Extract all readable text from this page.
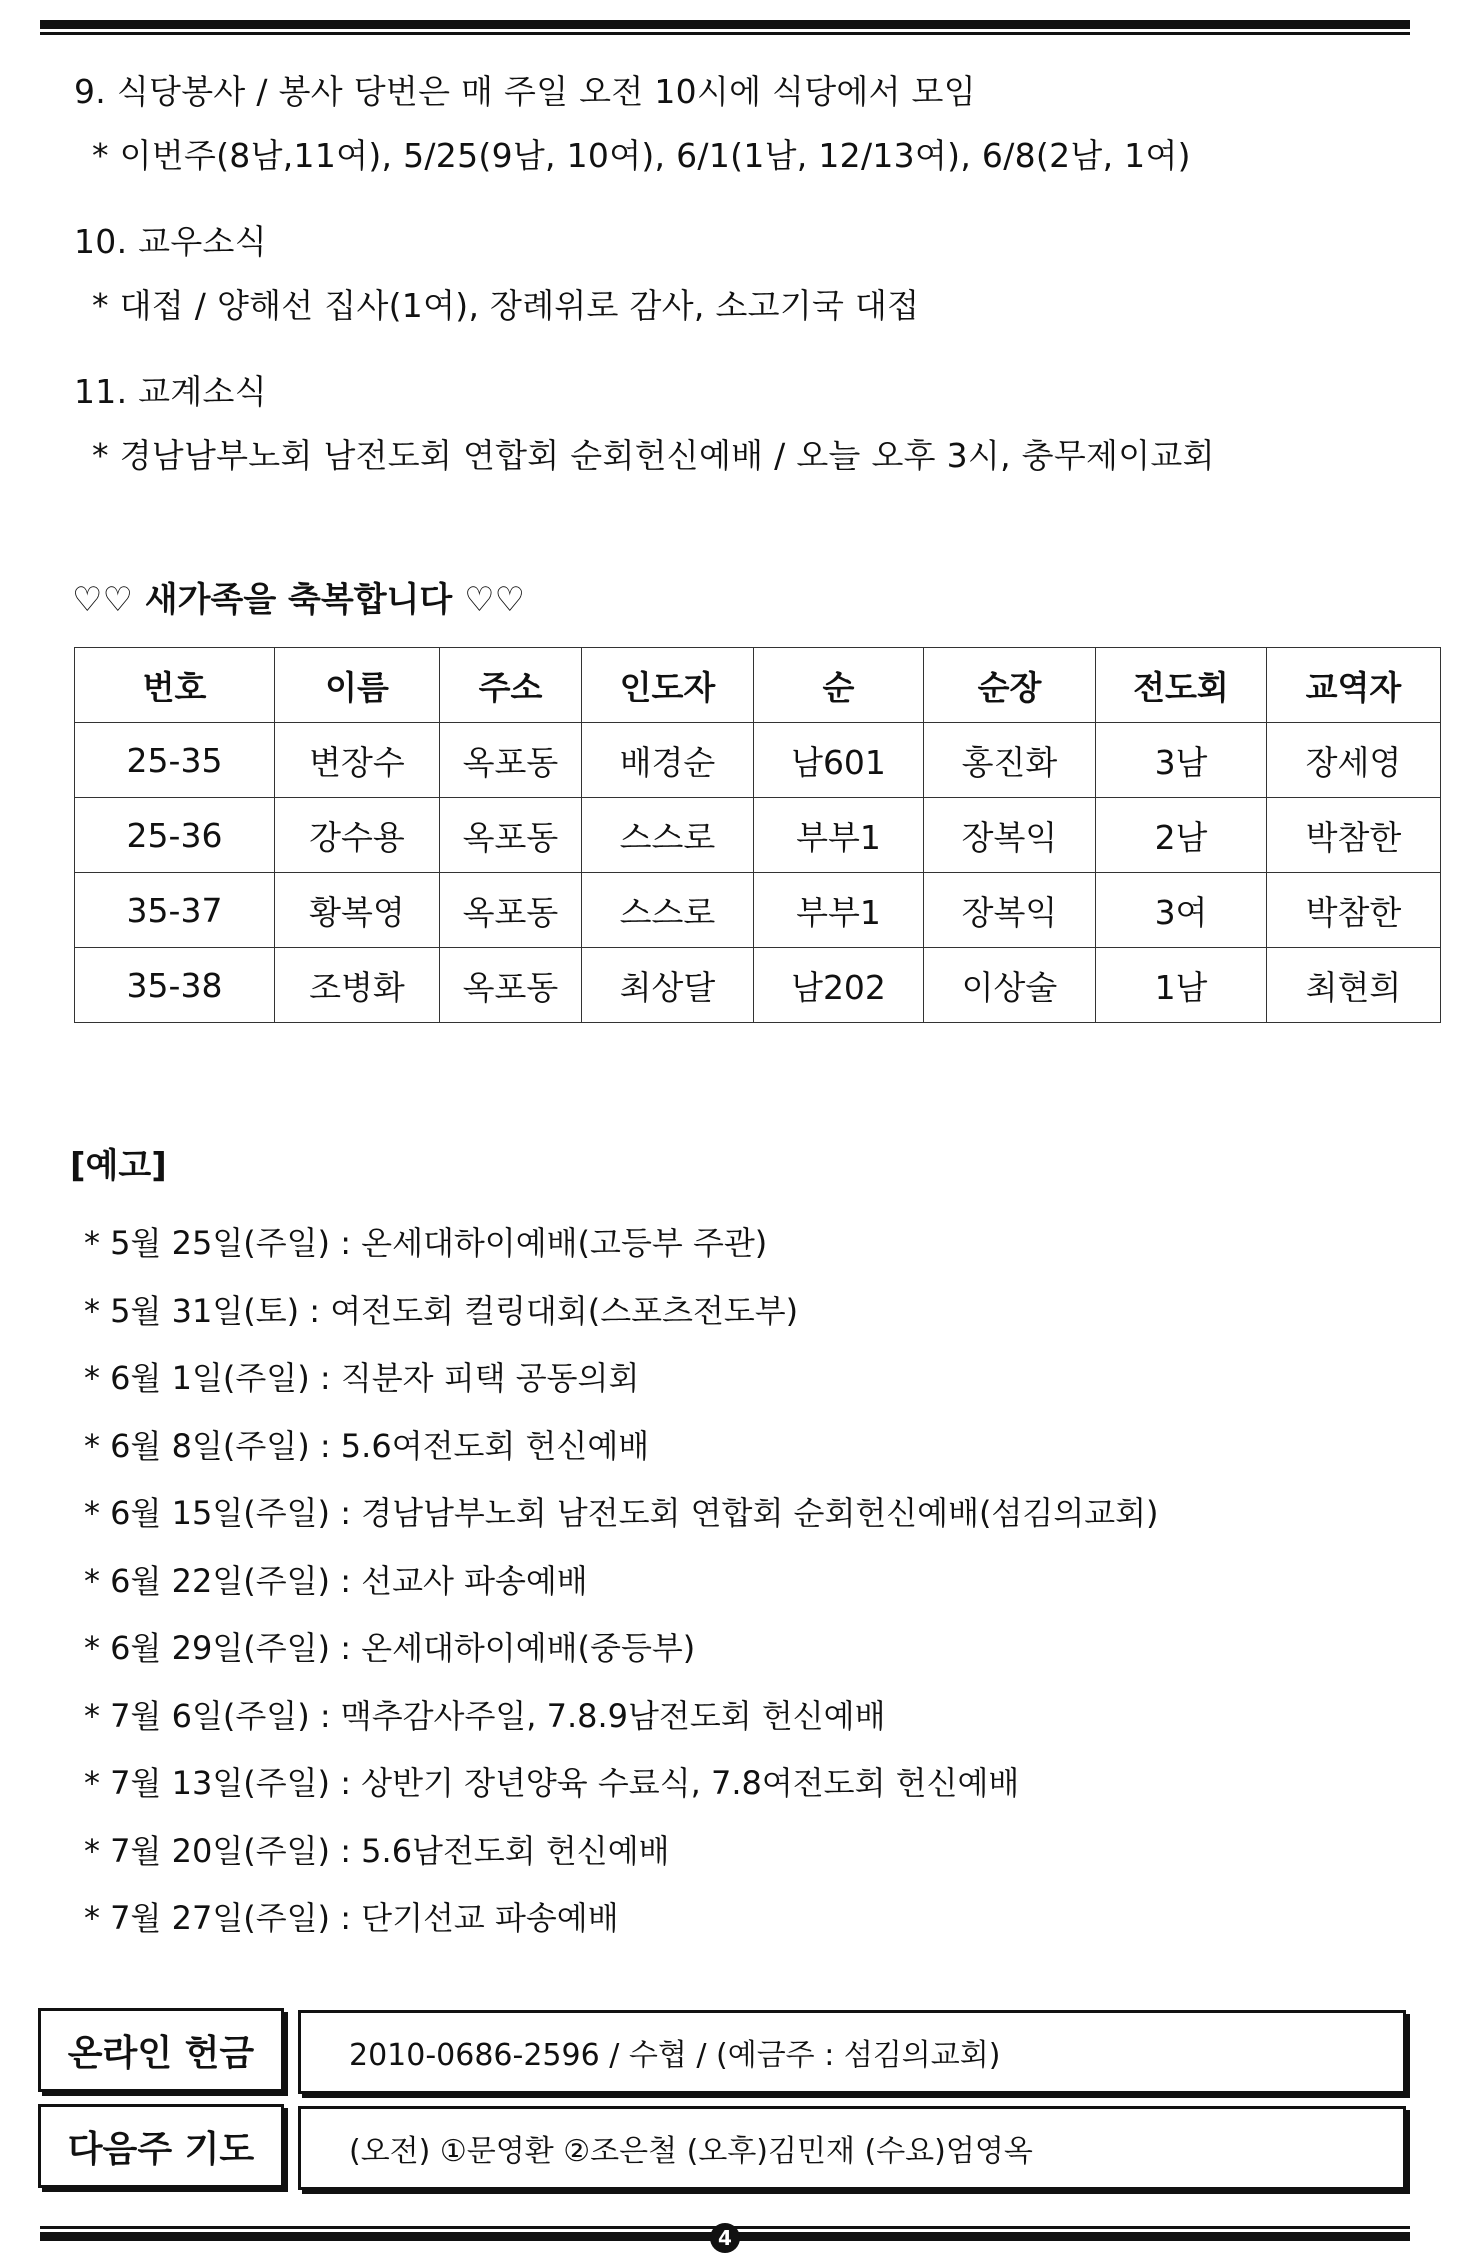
9. 식당봉사 / 봉사 당번은 매 주일 오전 10시에 식당에서 모임
* 이번주(8남,11여), 5/25(9남, 10여), 6/1(1남, 12/13여), 6/8(2남, 1여)
10. 교우소식
* 대접 / 양해선 집사(1여), 장례위로 감사, 소고기국 대접
11. 교계소식
* 경남남부노회 남전도회 연합회 순회헌신예배 / 오늘 오후 3시, 충무제이교회
♡♡ 새가족을 축복합니다 ♡♡
번호	이름	주소	인도자	순	순장	전도회	교역자
25-35	변장수	옥포동	배경순	남601	홍진화	3남	장세영
25-36	강수용	옥포동	스스로	부부1	장복익	2남	박참한
35-37	황복영	옥포동	스스로	부부1	장복익	3여	박참한
35-38	조병화	옥포동	최상달	남202	이상술	1남	최현희
[예고]
* 5월 25일(주일) : 온세대하이예배(고등부 주관)
* 5월 31일(토) : 여전도회 컬링대회(스포츠전도부)
* 6월 1일(주일) : 직분자 피택 공동의회
* 6월 8일(주일) : 5.6여전도회 헌신예배
* 6월 15일(주일) : 경남남부노회 남전도회 연합회 순회헌신예배(섬김의교회)
* 6월 22일(주일) : 선교사 파송예배
* 6월 29일(주일) : 온세대하이예배(중등부)
* 7월 6일(주일) : 맥추감사주일, 7.8.9남전도회 헌신예배
* 7월 13일(주일) : 상반기 장년양육 수료식, 7.8여전도회 헌신예배
* 7월 20일(주일) : 5.6남전도회 헌신예배
* 7월 27일(주일) : 단기선교 파송예배
온라인 헌금	2010-0686-2596 / 수협 / (예금주 : 섬김의교회)
다음주 기도	(오전) ①문영환 ②조은철 (오후)김민재 (수요)엄영옥
4
